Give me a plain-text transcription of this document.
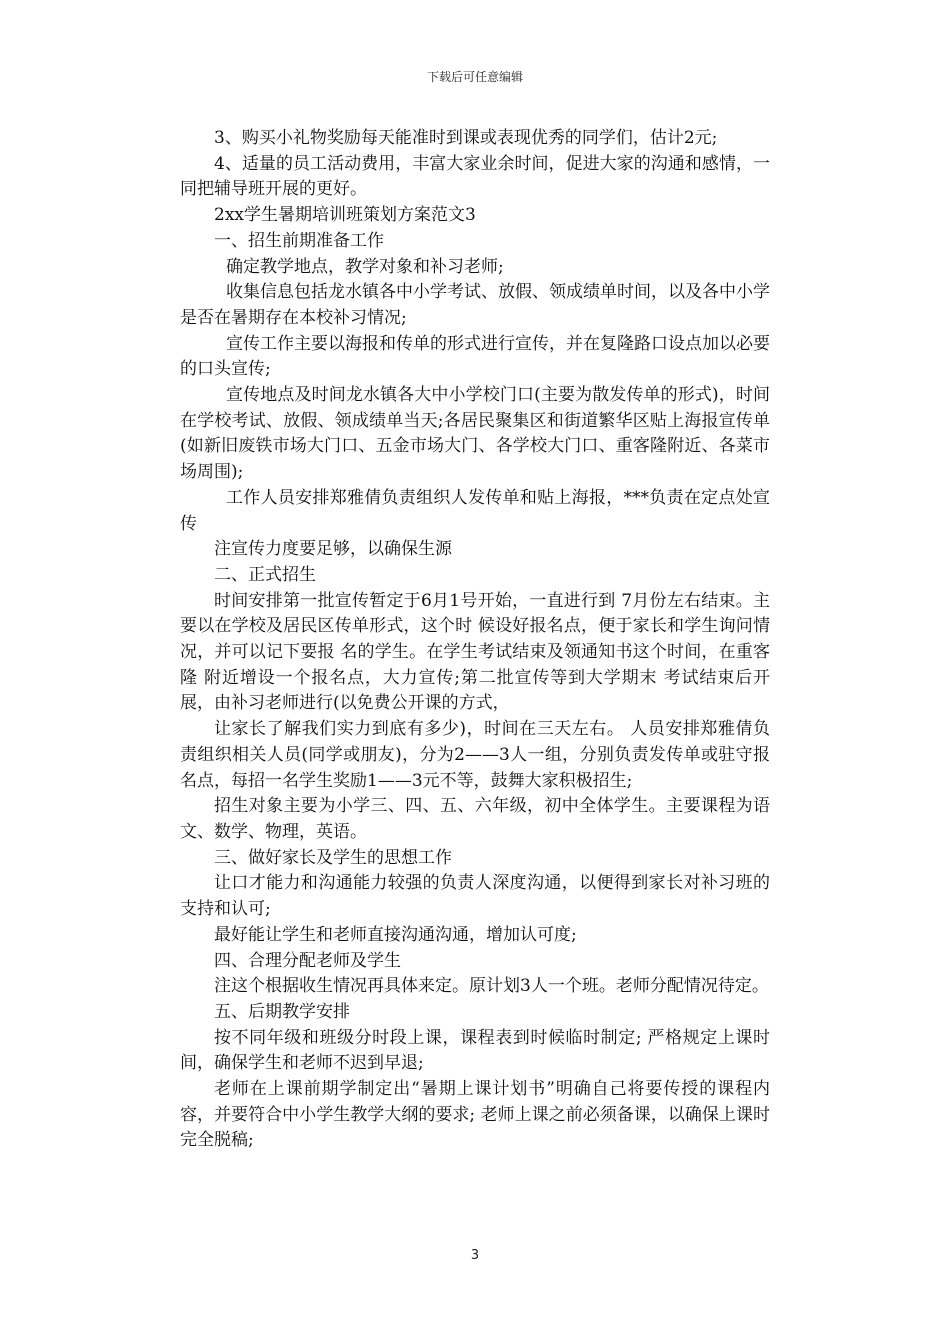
下载后可任意编辑

3、购买小礼物奖励每天能准时到课或表现优秀的同学们，估计2元;

4、适量的员工活动费用，丰富大家业余时间，促进大家的沟通和感情，一同把辅导班开展的更好。

2xx学生暑期培训班策划方案范文3

一、招生前期准备工作

确定教学地点，教学对象和补习老师;

收集信息包括龙水镇各中小学考试、放假、领成绩单时间，以及各中小学是否在暑期存在本校补习情况;

宣传工作主要以海报和传单的形式进行宣传，并在复隆路口设点加以必要的口头宣传;

宣传地点及时间龙水镇各大中小学校门口(主要为散发传单的形式)，时间在学校考试、放假、领成绩单当天;各居民聚集区和街道繁华区贴上海报宣传单(如新旧废铁市场大门口、五金市场大门、各学校大门口、重客隆附近、各菜市场周围);

工作人员安排郑雅倩负责组织人发传单和贴上海报，***负责在定点处宣传

注宣传力度要足够，以确保生源

二、正式招生

时间安排第一批宣传暂定于6月1号开始，一直进行到 7月份左右结束。主要以在学校及居民区传单形式，这个时 候设好报名点，便于家长和学生询问情况，并可以记下要报 名的学生。在学生考试结束及领通知书这个时间，在重客隆 附近增设一个报名点，大力宣传;第二批宣传等到大学期末 考试结束后开展，由补习老师进行(以免费公开课的方式，

让家长了解我们实力到底有多少)，时间在三天左右。 人员安排郑雅倩负责组织相关人员(同学或朋友)，分为2——3人一组，分别负责发传单或驻守报名点，每招一名学生奖励1——3元不等，鼓舞大家积极招生;

招生对象主要为小学三、四、五、六年级，初中全体学生。主要课程为语文、数学、物理，英语。

三、做好家长及学生的思想工作

让口才能力和沟通能力较强的负责人深度沟通，以便得到家长对补习班的支持和认可;

最好能让学生和老师直接沟通沟通，增加认可度;

四、合理分配老师及学生

注这个根据收生情况再具体来定。原计划3人一个班。老师分配情况待定。

五、后期教学安排

按不同年级和班级分时段上课，课程表到时候临时制定; 严格规定上课时间，确保学生和老师不迟到早退;

老师在上课前期学制定出“暑期上课计划书”明确自己将要传授的课程内容，并要符合中小学生教学大纲的要求; 老师上课之前必须备课，以确保上课时完全脱稿;

3
